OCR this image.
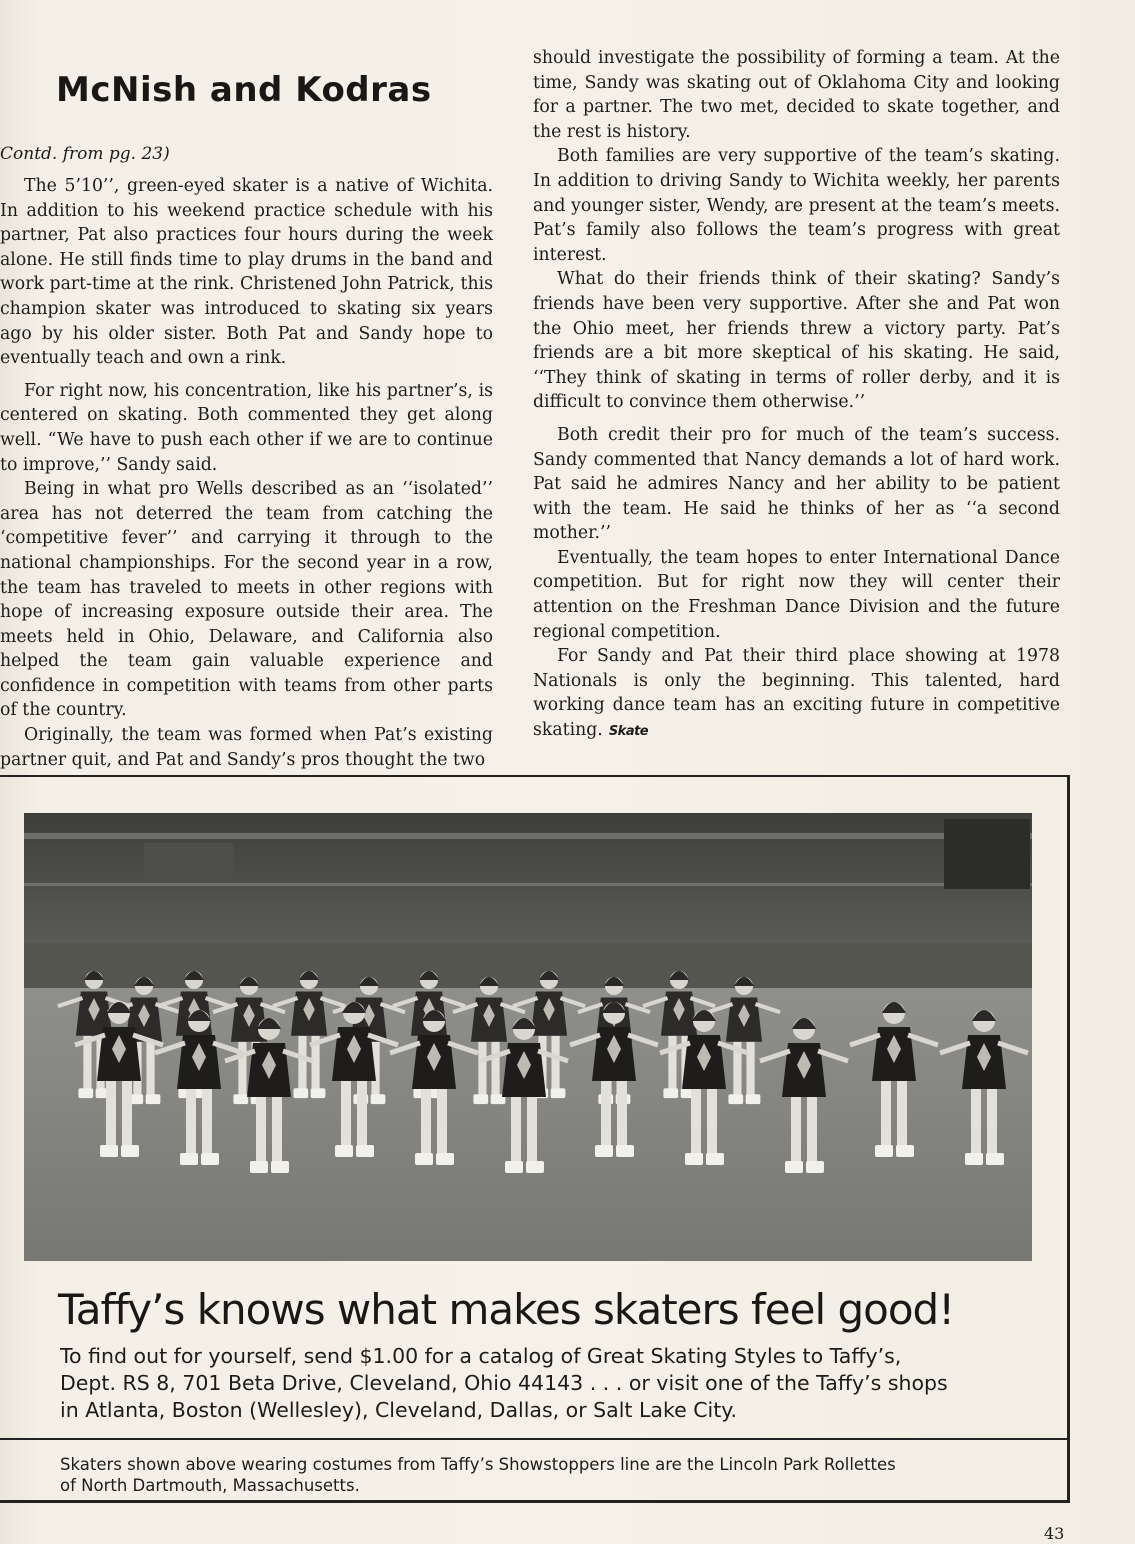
McNish and Kodras

Contd. from pg. 23)

The 5’10’’, green-eyed skater is a native of Wichita. In addition to his weekend practice schedule with his partner, Pat also practices four hours during the week alone. He still finds time to play drums in the band and work part-time at the rink. Christened John Patrick, this champion skater was introduced to skating six years ago by his older sister. Both Pat and Sandy hope to eventually teach and own a rink.

For right now, his concentration, like his partner’s, is centered on skating. Both commented they get along well. “We have to push each other if we are to continue to improve,’’ Sandy said.

Being in what pro Wells described as an ‘‘isolated’’ area has not deterred the team from catching the ‘competitive fever’’ and carrying it through to the national championships. For the second year in a row, the team has traveled to meets in other regions with hope of increasing exposure outside their area. The meets held in Ohio, Delaware, and California also helped the team gain valuable experience and confidence in competition with teams from other parts of the country.

Originally, the team was formed when Pat’s existing partner quit, and Pat and Sandy’s pros thought the two

should investigate the possibility of forming a team. At the time, Sandy was skating out of Oklahoma City and looking for a partner. The two met, decided to skate together, and the rest is history.

Both families are very supportive of the team’s skating. In addition to driving Sandy to Wichita weekly, her parents and younger sister, Wendy, are present at the team’s meets. Pat’s family also follows the team’s progress with great interest.

What do their friends think of their skating? Sandy’s friends have been very supportive. After she and Pat won the Ohio meet, her friends threw a victory party. Pat’s friends are a bit more skeptical of his skating. He said, ‘‘They think of skating in terms of roller derby, and it is difficult to convince them otherwise.’’

Both credit their pro for much of the team’s success. Sandy commented that Nancy demands a lot of hard work. Pat said he admires Nancy and her ability to be patient with the team. He said he thinks of her as ‘‘a second mother.’’

Eventually, the team hopes to enter International Dance competition. But for right now they will center their attention on the Freshman Dance Division and the future regional competition.

For Sandy and Pat their third place showing at 1978 Nationals is only the beginning. This talented, hard working dance team has an exciting future in competitive skating. Skate

Taffy’s knows what makes skaters feel good!

To find out for yourself, send $1.00 for a catalog of Great Skating Styles to Taffy’s,
Dept. RS 8, 701 Beta Drive, Cleveland, Ohio 44143 . . . or visit one of the Taffy’s shops
in Atlanta, Boston (Wellesley), Cleveland, Dallas, or Salt Lake City.

Skaters shown above wearing costumes from Taffy’s Showstoppers line are the Lincoln Park Rollettes
of North Dartmouth, Massachusetts.

43
